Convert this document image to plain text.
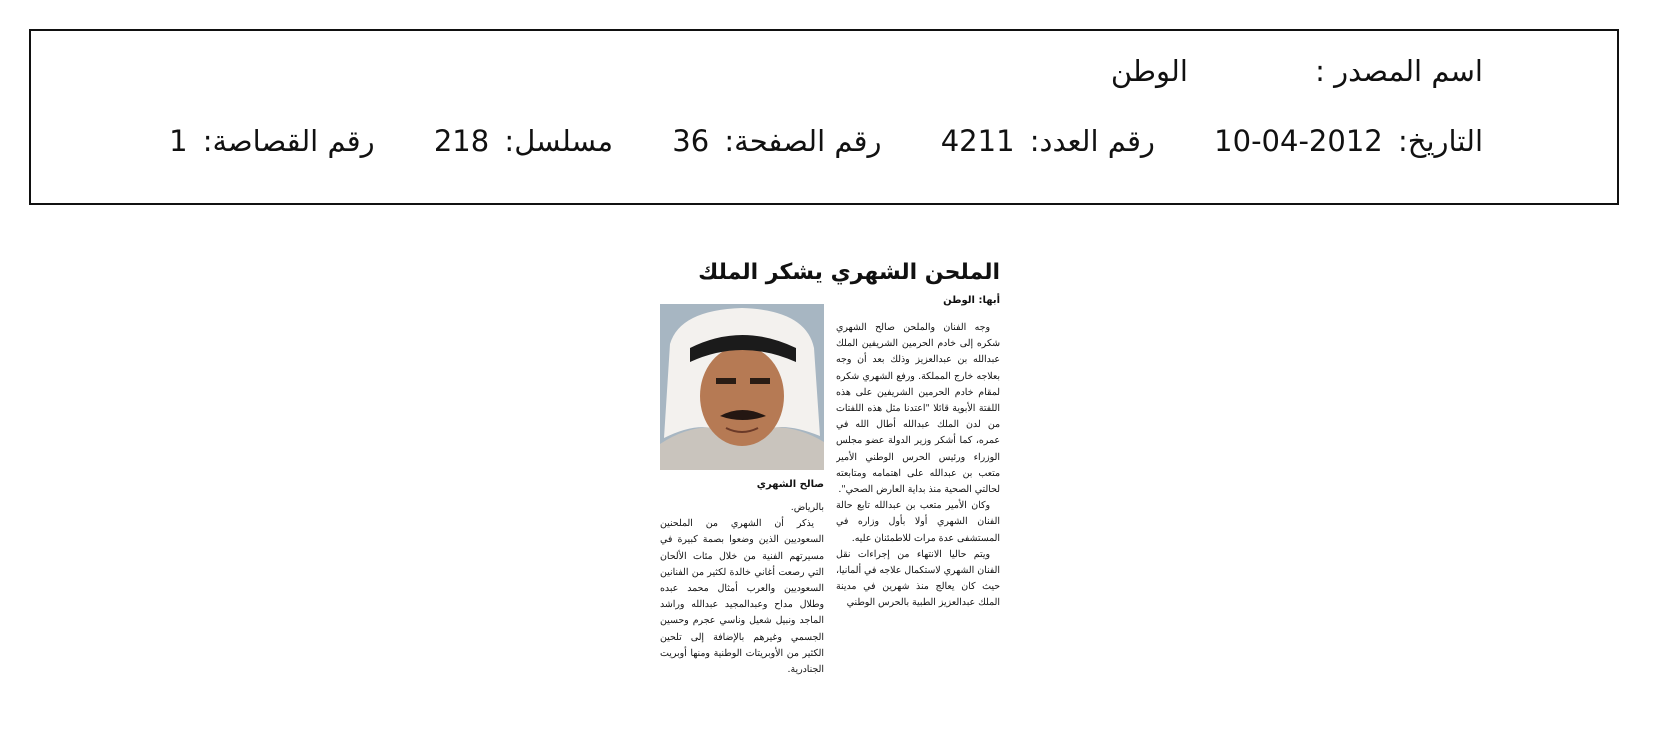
اسم المصدر : الوطن
التاريخ: 2012-04-10 رقم العدد: 4211 رقم الصفحة: 36 مسلسل: 218 رقم القصاصة: 1
الملحن الشهري يشكر الملك
أبها: الوطن

وجه الفنان والملحن صالح الشهري شكره إلى خادم الحرمين الشريفين الملك عبدالله بن عبدالعزيز وذلك بعد أن وجه بعلاجه خارج المملكة. ورفع الشهري شكره لمقام خادم الحرمين الشريفين على هذه اللفتة الأبوية قائلا "اعتدنا مثل هذه اللفتات من لدن الملك عبدالله أطال الله في عمره، كما أشكر وزير الدولة عضو مجلس الوزراء ورئيس الحرس الوطني الأمير متعب بن عبدالله على اهتمامه ومتابعته لحالتي الصحية منذ بداية العارض الصحي".

وكان الأمير متعب بن عبدالله تابع حالة الفنان الشهري أولا بأول وزاره في المستشفى عدة مرات للاطمئنان عليه.

ويتم حاليا الانتهاء من إجراءات نقل الفنان الشهري لاستكمال علاجه في ألمانيا، حيث كان يعالج منذ شهرين في مدينة الملك عبدالعزيز الطبية بالحرس الوطني

صالح الشهري

بالرياض.

يذكر أن الشهري من الملحنين السعوديين الذين وضعوا بصمة كبيرة في مسيرتهم الفنية من خلال مئات الألحان التي رصعت أغاني خالدة لكثير من الفنانين السعوديين والعرب أمثال محمد عبده وطلال مداح وعبدالمجيد عبدالله وراشد الماجد ونبيل شعيل وناسي عجرم وحسين الجسمي وغيرهم بالإضافة إلى تلحين الكثير من الأوبريتات الوطنية ومنها أوبريت الجنادرية.
